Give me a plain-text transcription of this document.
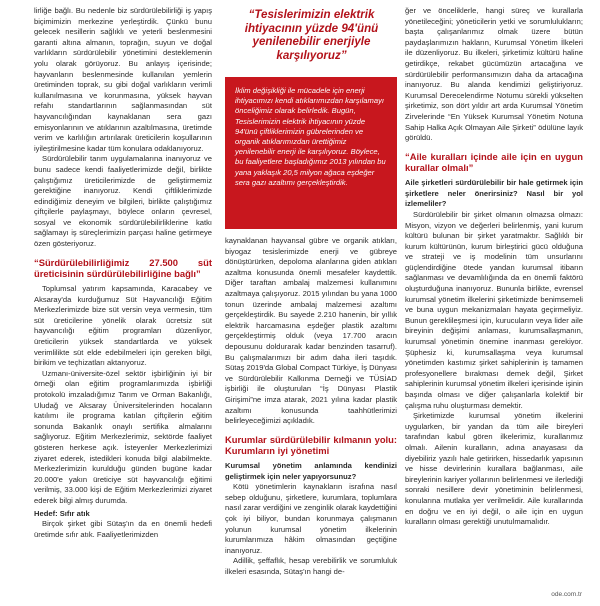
lirliğe bağlı. Bu nedenle biz sürdürülebilirliği iş yapış biçimimizin merkezine yerleştirdik. Çünkü bunu gelecek nesillerin sağlıklı ve yeterli beslenmesini garanti altına almanın, toprağın, suyun ve doğal varlıkların sürdürülebilir yönetimini desteklemenin yolu olarak görüyoruz. Bu anlayış içerisinde; hayvanların beslenmesinde kullanılan yemlerin üretiminden toprak, su gibi doğal varlıkların verimli kullanılmasına ve korunmasına, yüksek hayvan refahı standartlarının sağlanmasından süt hayvancılığından kaynaklanan sera gazı emisyonlarının ve atıklarının azaltılmasına, üretimde verim ve karlılığın artırılarak üreticilerin koşullarının iyileştirilmesine kadar tüm konulara odaklanıyoruz.

Sürdürülebilir tarım uygulamalarına inanıyoruz ve bunu sadece kendi faaliyetlerimizde değil, birlikte çalıştığımız üreticilerimizde de geliştirmemiz gerektiğine inanıyoruz. Kendi çiftliklerimizde edindiğimiz deneyim ve bilgileri, birlikte çalıştığımız çiftçilerle paylaşmayı, böylece onların çevresel, sosyal ve ekonomik sürdürülebilirliklerine katkı sağlamayı iş süreçlerimizin parçası haline getirmeye özen gösteriyoruz.

“Sürdürülebilirliğimiz 27.500 süt üreticisinin sürdürülebilirliğine bağlı”

Toplumsal yatırım kapsamında, Karacabey ve Aksaray'da kurduğumuz Süt Hayvancılığı Eğitim Merkezlerimizde bize süt versin veya vermesin, tüm süt üreticilerine yönelik olarak ücretsiz süt hayvancılığı eğitim programları düzenliyor, üreticilerin yüksek standartlarda ve yüksek verimlilikte süt elde edebilmeleri için gereken bilgi, birikim ve teçhizatları aktarıyoruz.

Uzmanı-üniversite-özel sektör işbirliğinin iyi bir örneği olan eğitim programlarımızda işbirliği protokolü imzaladığımız Tarım ve Orman Bakanlığı, Uludağ ve Aksaray Üniversitelerinden hocaların katılımı ile programa katılan çiftçilerin eğitim sonunda Bakanlık onaylı sertifika almalarını sağlıyoruz. Eğitim Merkezlerimiz, sektörde faaliyet gösteren herkese açık. İsteyenler Merkezlerimizi ziyaret ederek, istedikleri konuda bilgi alabilmekte. Merkezlerimizin kurulduğu günden bugüne kadar 20.000'e yakın üreticiye süt hayvancılığı eğitimi verilmiş, 33.000 kişi de Eğitim Merkezlerimizi ziyaret ederek bilgi almış durumda.

Hedef: Sıfır atık

Birçok şirket gibi Sütaş'ın da en önemli hedefi üretimde sıfır atık. Faaliyetlerimizden

“Tesislerimizin elektrik ihtiyacının yüzde 94'ünü yenilenebilir enerjiyle karşılıyoruz”
İklim değişikliği ile mücadele için enerji ihtiyacımızı kendi atıklarımızdan karşılamayı önceliğimiz olarak belirledik. Bugün, Tesislerimizin elektrik ihtiyacının yüzde 94'ünü çiftliklerimizin gübrelerinden ve organik atıklarımızdan ürettiğimiz yenilenebilir enerji ile karşılıyoruz. Böylece, bu faaliyetlere başladığımız 2013 yılından bu yana yaklaşık 20,5 milyon ağaca eşdeğer sera gazı azaltımı gerçekleştirdik.

kaynaklanan hayvansal gübre ve organik atıkları, biyogaz tesislerimizde enerji ve gübreye dönüştürürken, depoloma alanlarına giden atıkları azaltma konusunda önemli mesafeler kaydettik. Diğer taraftan ambalaj malzemesi kullanımını azaltmaya çalışıyoruz. 2015 yılından bu yana 1000 tonun üzerinde ambalaj malzemesi azaltımı gerçekleştirdik. Bu sayede 2.210 hanenin, bir yıllık elektrik harcamasına eşdeğer plastik azaltımı gerçekleştirmiş olduk (veya 17.700 aracın depousunu doldurarak kadar benzinden tasarruf). Bu çalışmalarımızı bir adım daha ileri taşıdık. Sütaş 2019'da Global Compact Türkiye, İş Dünyası ve Sürdürülebilir Kalkınma Derneği ve TÜSİAD işbirliği ile oluşturulan “İş Dünyası Plastik Girişimi”ne imza atarak, 2021 yılına kadar plastik azaltımı konusunda taahhütlerimizi belirleyeceğimizi açıkladık.

Kurumlar sürdürülebilir kılmanın yolu: Kurumların iyi yönetimi
Kurumsal yönetim anlamında kendinizi geliştirmek için neler yapıyorsunuz?

Kötü yönetimlerin kaynakların israfına nasıl sebep olduğunu, şirketlere, kurumlara, toplumlara nasıl zarar verdiğini ve zenginlik olarak kaydettiğini çok iyi biliyor, bundan korunmaya çalışmanın yolunun kurumsal yönetim ilkelerinin kurumlarımıza hâkim olmasından geçtiğine inanıyoruz.

Adillik, şeffaflık, hesap verebilirlik ve sorumluluk ilkeleri esasında, Sütaş'ın hangi de-

ğer ve önceliklerle, hangi süreç ve kurallarla yönetileceğini; yöneticilerin yetki ve sorumlulukların; başta çalışanlarımız olmak üzere bütün paydaşlarımızın hakların, Kurumsal Yönetim İlkeleri ile düzenliyoruz. Bu ilkeleri, şirketimiz kültürü haline getirdikçe, rekabet gücümüzün artacağına ve sürdürülebilir performansımızın daha da artacağına inanıyoruz. Bu alanda kendimizi geliştiriyoruz. Kurumsal Derecelendirme Notumu sürekli yükselten şirketimiz, son dört yıldır art arda Kurumsal Yönetim Zirvelerinde “En Yüksek Kurumsal Yönetim Notuna Sahip Halka Açık Olmayan Aile Şirketi” ödülüne layık görüldü.

“Aile kuralları içinde aile için en uygun kurallar olmalı”
Aile şirketleri sürdürülebilir bir hale getirmek için şirketlere neler önerirsiniz? Nasıl bir yol izlemeliler?

Sürdürülebilir bir şirket olmanın olmazsa olmazı: Misyon, vizyon ve değerleri belirlenmiş, yani kurum kültürü bulunan bir şirket yaratmaktır. Sağlıklı bir kurum kültürünün, kurum birleştirici gücü olduğuna ve strateji ve iş modelinin tüm unsurlarını güçlendirdiğine ötede yandan kurumsal itibarın sağlanması ve devamlılığında da en önemli faktörü oluşturduğuna inanıyoruz. Bununla birlikte, evrensel kurumsal yönetim ilkelerini şirketimizde benimsemeli ve buna uygun mekanizmaları hayata geçirmeliyiz. Bunun gereklileşmesi için, kurucuların veya lider aile bireyinin değişimi anlaması, kurumsallaşmanın, kurumsal yönetimin önemine inanması gerekiyor. Şüphesiz ki, kurumsallaşma veya kurumsal yönetimden kastımız şirket sahiplerinin iş tamamen profesyonellere bırakması demek değil, Şirket sahiplerinin kurumsal yönetim ilkeleri içerisinde işinin başında olması ve diğer çalışanlarla kolektif bir çalışma ruhu oluşturması demektir.

Şirketimizde kurumsal yönetim ilkelerini uygularken, bir yandan da tüm aile bireyleri tarafından kabul gören ilkelerimiz, kurallarımız olmalı. Ailenin kuralların, adına anayasası da diyebiliriz yazılı hale getirirken, hissedarlık yapısının ve hisse devirlerinin kurallara bağlanması, aile bireylerinin kariyer yollarının belirlenmesi ve ilerlediği sonraki nesillere devir yönetiminin belirlenmesi, konularına mutlaka yer verilmelidir. Aile kurallarında en doğru ve en iyi değil, o aile için en uygun kuralların olması gerektiği unutulmamalıdır.

ode.com.tr
